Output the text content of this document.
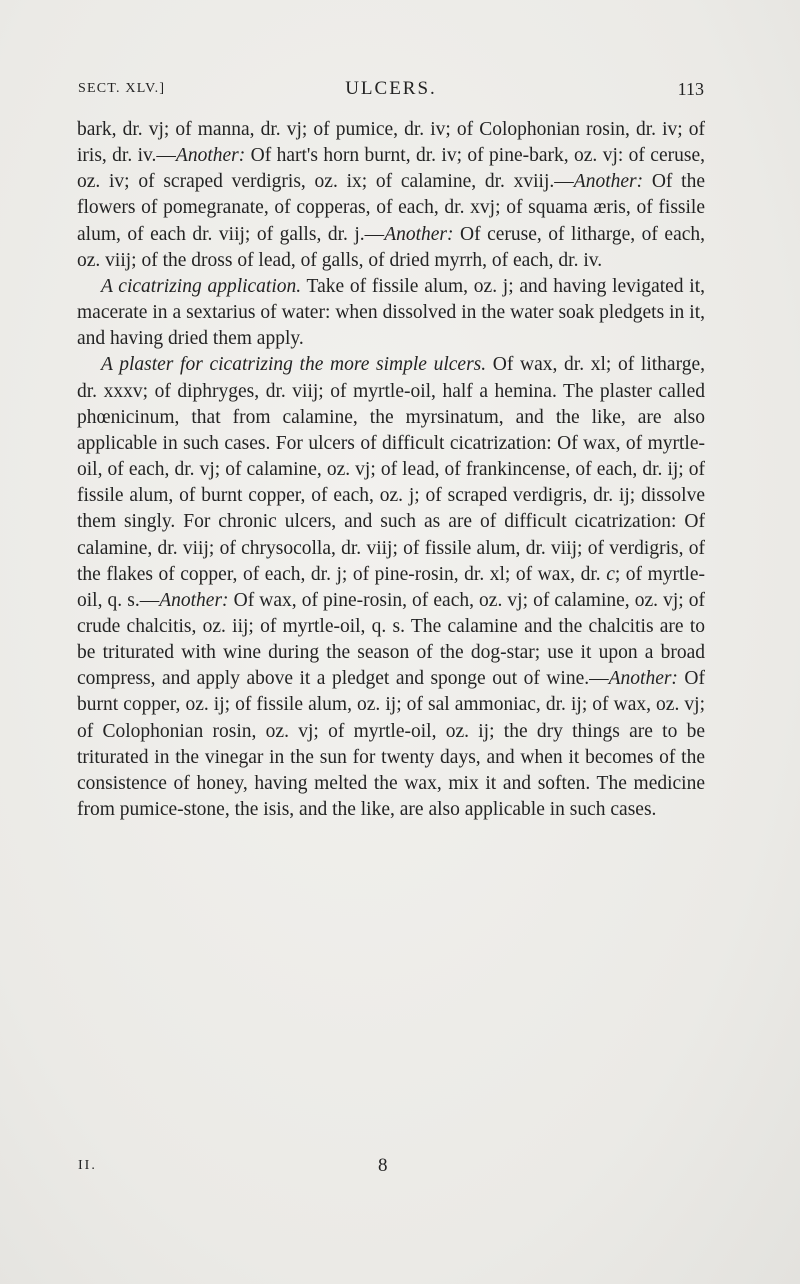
SECT. XLV.]	ULCERS.	113

bark, dr. vj; of manna, dr. vj; of pumice, dr. iv; of Colophonian rosin, dr. iv; of iris, dr. iv.—Another: Of hart's horn burnt, dr. iv; of pine-bark, oz. vj: of ceruse, oz. iv; of scraped verdigris, oz. ix; of calamine, dr. xviij.—Another: Of the flowers of pomegranate, of copperas, of each, dr. xvj; of squama æris, of fissile alum, of each dr. viij; of galls, dr. j.—Another: Of ceruse, of litharge, of each, oz. viij; of the dross of lead, of galls, of dried myrrh, of each, dr. iv.

A cicatrizing application. Take of fissile alum, oz. j; and having levigated it, macerate in a sextarius of water: when dissolved in the water soak pledgets in it, and having dried them apply.

A plaster for cicatrizing the more simple ulcers. Of wax, dr. xl; of litharge, dr. xxxv; of diphryges, dr. viij; of myrtle-oil, half a hemina. The plaster called phœnicinum, that from calamine, the myrsinatum, and the like, are also applicable in such cases. For ulcers of difficult cicatrization: Of wax, of myrtle-oil, of each, dr. vj; of calamine, oz. vj; of lead, of frankincense, of each, dr. ij; of fissile alum, of burnt copper, of each, oz. j; of scraped verdigris, dr. ij; dissolve them singly. For chronic ulcers, and such as are of difficult cicatrization: Of calamine, dr. viij; of chrysocolla, dr. viij; of fissile alum, dr. viij; of verdigris, of the flakes of copper, of each, dr. j; of pine-rosin, dr. xl; of wax, dr. c; of myrtle-oil, q. s.—Another: Of wax, of pine-rosin, of each, oz. vj; of calamine, oz. vj; of crude chalcitis, oz. iij; of myrtle-oil, q. s. The calamine and the chalcitis are to be triturated with wine during the season of the dog-star; use it upon a broad compress, and apply above it a pledget and sponge out of wine.—Another: Of burnt copper, oz. ij; of fissile alum, oz. ij; of sal ammoniac, dr. ij; of wax, oz. vj; of Colophonian rosin, oz. vj; of myrtle-oil, oz. ij; the dry things are to be triturated in the vinegar in the sun for twenty days, and when it becomes of the consistence of honey, having melted the wax, mix it and soften. The medicine from pumice-stone, the isis, and the like, are also applicable in such cases.

II.	8
